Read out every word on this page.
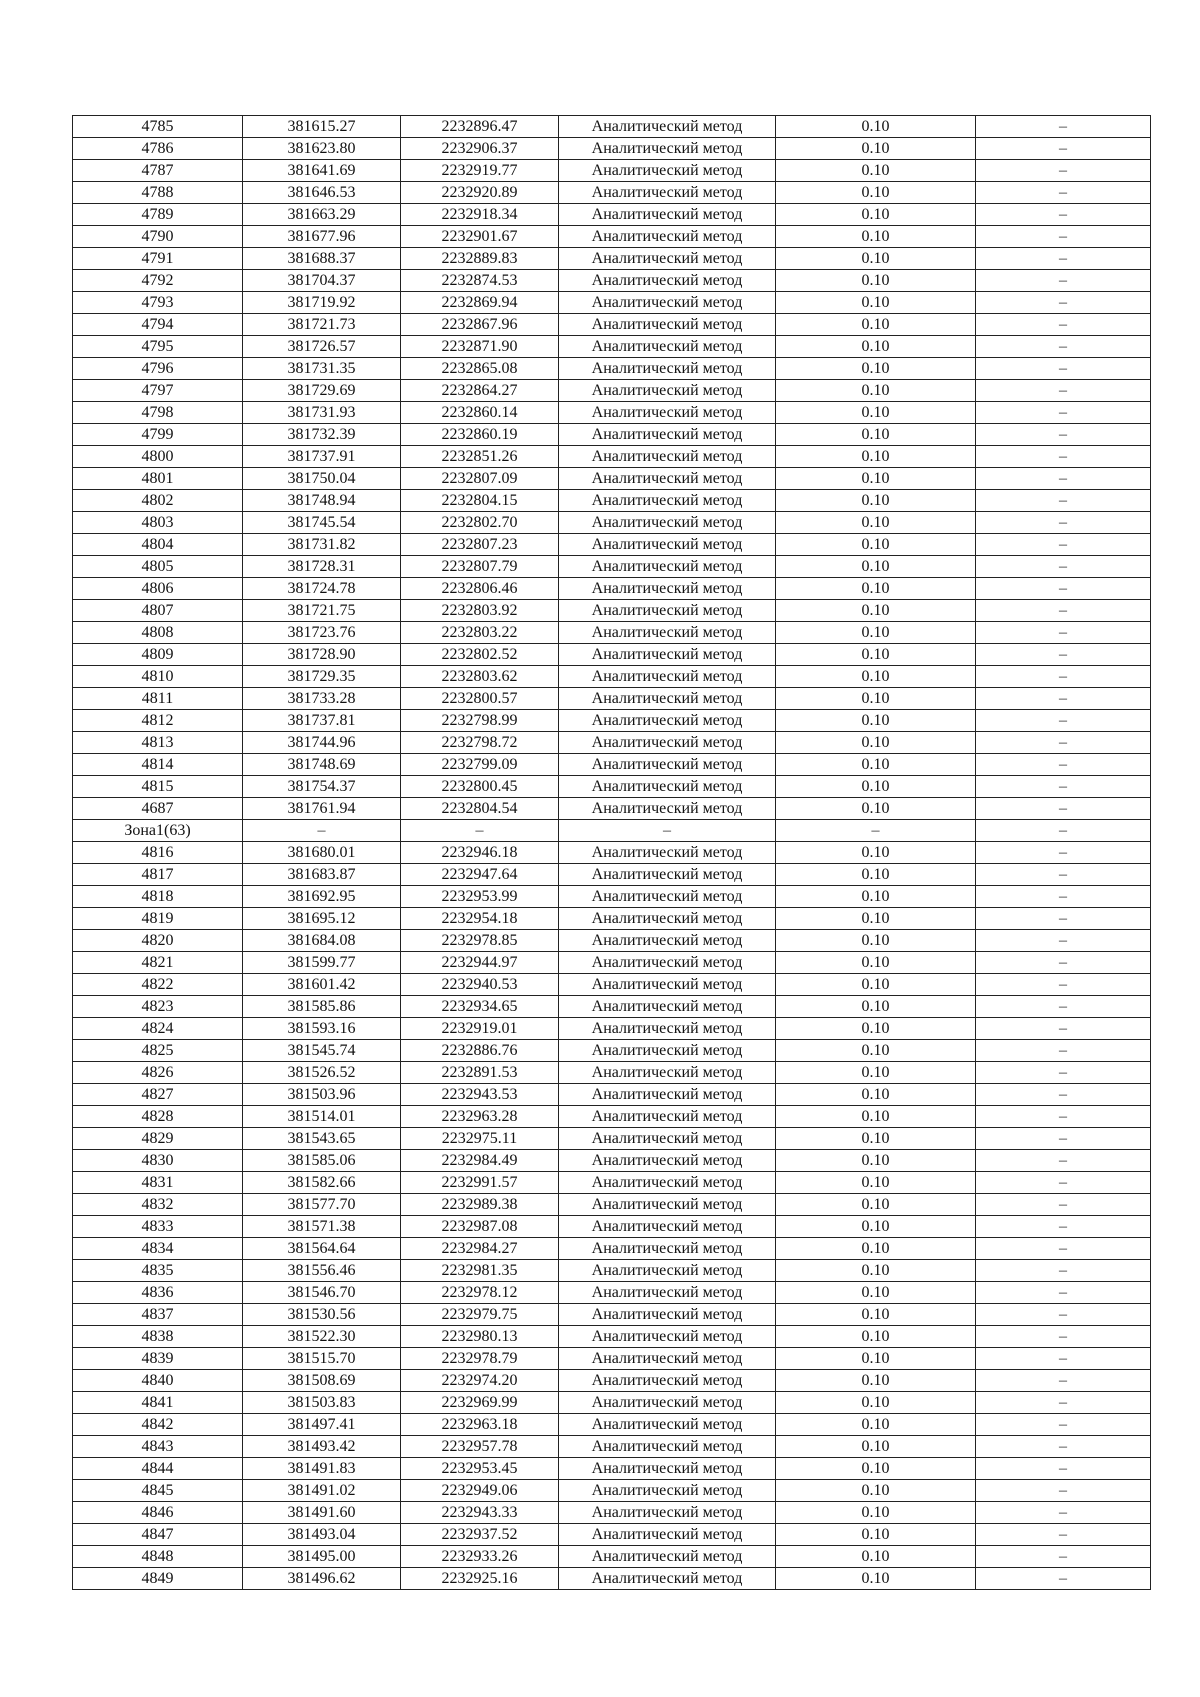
4785	381615.27	2232896.47	Аналитический метод	0.10	–
4786	381623.80	2232906.37	Аналитический метод	0.10	–
4787	381641.69	2232919.77	Аналитический метод	0.10	–
4788	381646.53	2232920.89	Аналитический метод	0.10	–
4789	381663.29	2232918.34	Аналитический метод	0.10	–
4790	381677.96	2232901.67	Аналитический метод	0.10	–
4791	381688.37	2232889.83	Аналитический метод	0.10	–
4792	381704.37	2232874.53	Аналитический метод	0.10	–
4793	381719.92	2232869.94	Аналитический метод	0.10	–
4794	381721.73	2232867.96	Аналитический метод	0.10	–
4795	381726.57	2232871.90	Аналитический метод	0.10	–
4796	381731.35	2232865.08	Аналитический метод	0.10	–
4797	381729.69	2232864.27	Аналитический метод	0.10	–
4798	381731.93	2232860.14	Аналитический метод	0.10	–
4799	381732.39	2232860.19	Аналитический метод	0.10	–
4800	381737.91	2232851.26	Аналитический метод	0.10	–
4801	381750.04	2232807.09	Аналитический метод	0.10	–
4802	381748.94	2232804.15	Аналитический метод	0.10	–
4803	381745.54	2232802.70	Аналитический метод	0.10	–
4804	381731.82	2232807.23	Аналитический метод	0.10	–
4805	381728.31	2232807.79	Аналитический метод	0.10	–
4806	381724.78	2232806.46	Аналитический метод	0.10	–
4807	381721.75	2232803.92	Аналитический метод	0.10	–
4808	381723.76	2232803.22	Аналитический метод	0.10	–
4809	381728.90	2232802.52	Аналитический метод	0.10	–
4810	381729.35	2232803.62	Аналитический метод	0.10	–
4811	381733.28	2232800.57	Аналитический метод	0.10	–
4812	381737.81	2232798.99	Аналитический метод	0.10	–
4813	381744.96	2232798.72	Аналитический метод	0.10	–
4814	381748.69	2232799.09	Аналитический метод	0.10	–
4815	381754.37	2232800.45	Аналитический метод	0.10	–
4687	381761.94	2232804.54	Аналитический метод	0.10	–
Зона1(63)	–	–	–	–	–
4816	381680.01	2232946.18	Аналитический метод	0.10	–
4817	381683.87	2232947.64	Аналитический метод	0.10	–
4818	381692.95	2232953.99	Аналитический метод	0.10	–
4819	381695.12	2232954.18	Аналитический метод	0.10	–
4820	381684.08	2232978.85	Аналитический метод	0.10	–
4821	381599.77	2232944.97	Аналитический метод	0.10	–
4822	381601.42	2232940.53	Аналитический метод	0.10	–
4823	381585.86	2232934.65	Аналитический метод	0.10	–
4824	381593.16	2232919.01	Аналитический метод	0.10	–
4825	381545.74	2232886.76	Аналитический метод	0.10	–
4826	381526.52	2232891.53	Аналитический метод	0.10	–
4827	381503.96	2232943.53	Аналитический метод	0.10	–
4828	381514.01	2232963.28	Аналитический метод	0.10	–
4829	381543.65	2232975.11	Аналитический метод	0.10	–
4830	381585.06	2232984.49	Аналитический метод	0.10	–
4831	381582.66	2232991.57	Аналитический метод	0.10	–
4832	381577.70	2232989.38	Аналитический метод	0.10	–
4833	381571.38	2232987.08	Аналитический метод	0.10	–
4834	381564.64	2232984.27	Аналитический метод	0.10	–
4835	381556.46	2232981.35	Аналитический метод	0.10	–
4836	381546.70	2232978.12	Аналитический метод	0.10	–
4837	381530.56	2232979.75	Аналитический метод	0.10	–
4838	381522.30	2232980.13	Аналитический метод	0.10	–
4839	381515.70	2232978.79	Аналитический метод	0.10	–
4840	381508.69	2232974.20	Аналитический метод	0.10	–
4841	381503.83	2232969.99	Аналитический метод	0.10	–
4842	381497.41	2232963.18	Аналитический метод	0.10	–
4843	381493.42	2232957.78	Аналитический метод	0.10	–
4844	381491.83	2232953.45	Аналитический метод	0.10	–
4845	381491.02	2232949.06	Аналитический метод	0.10	–
4846	381491.60	2232943.33	Аналитический метод	0.10	–
4847	381493.04	2232937.52	Аналитический метод	0.10	–
4848	381495.00	2232933.26	Аналитический метод	0.10	–
4849	381496.62	2232925.16	Аналитический метод	0.10	–
